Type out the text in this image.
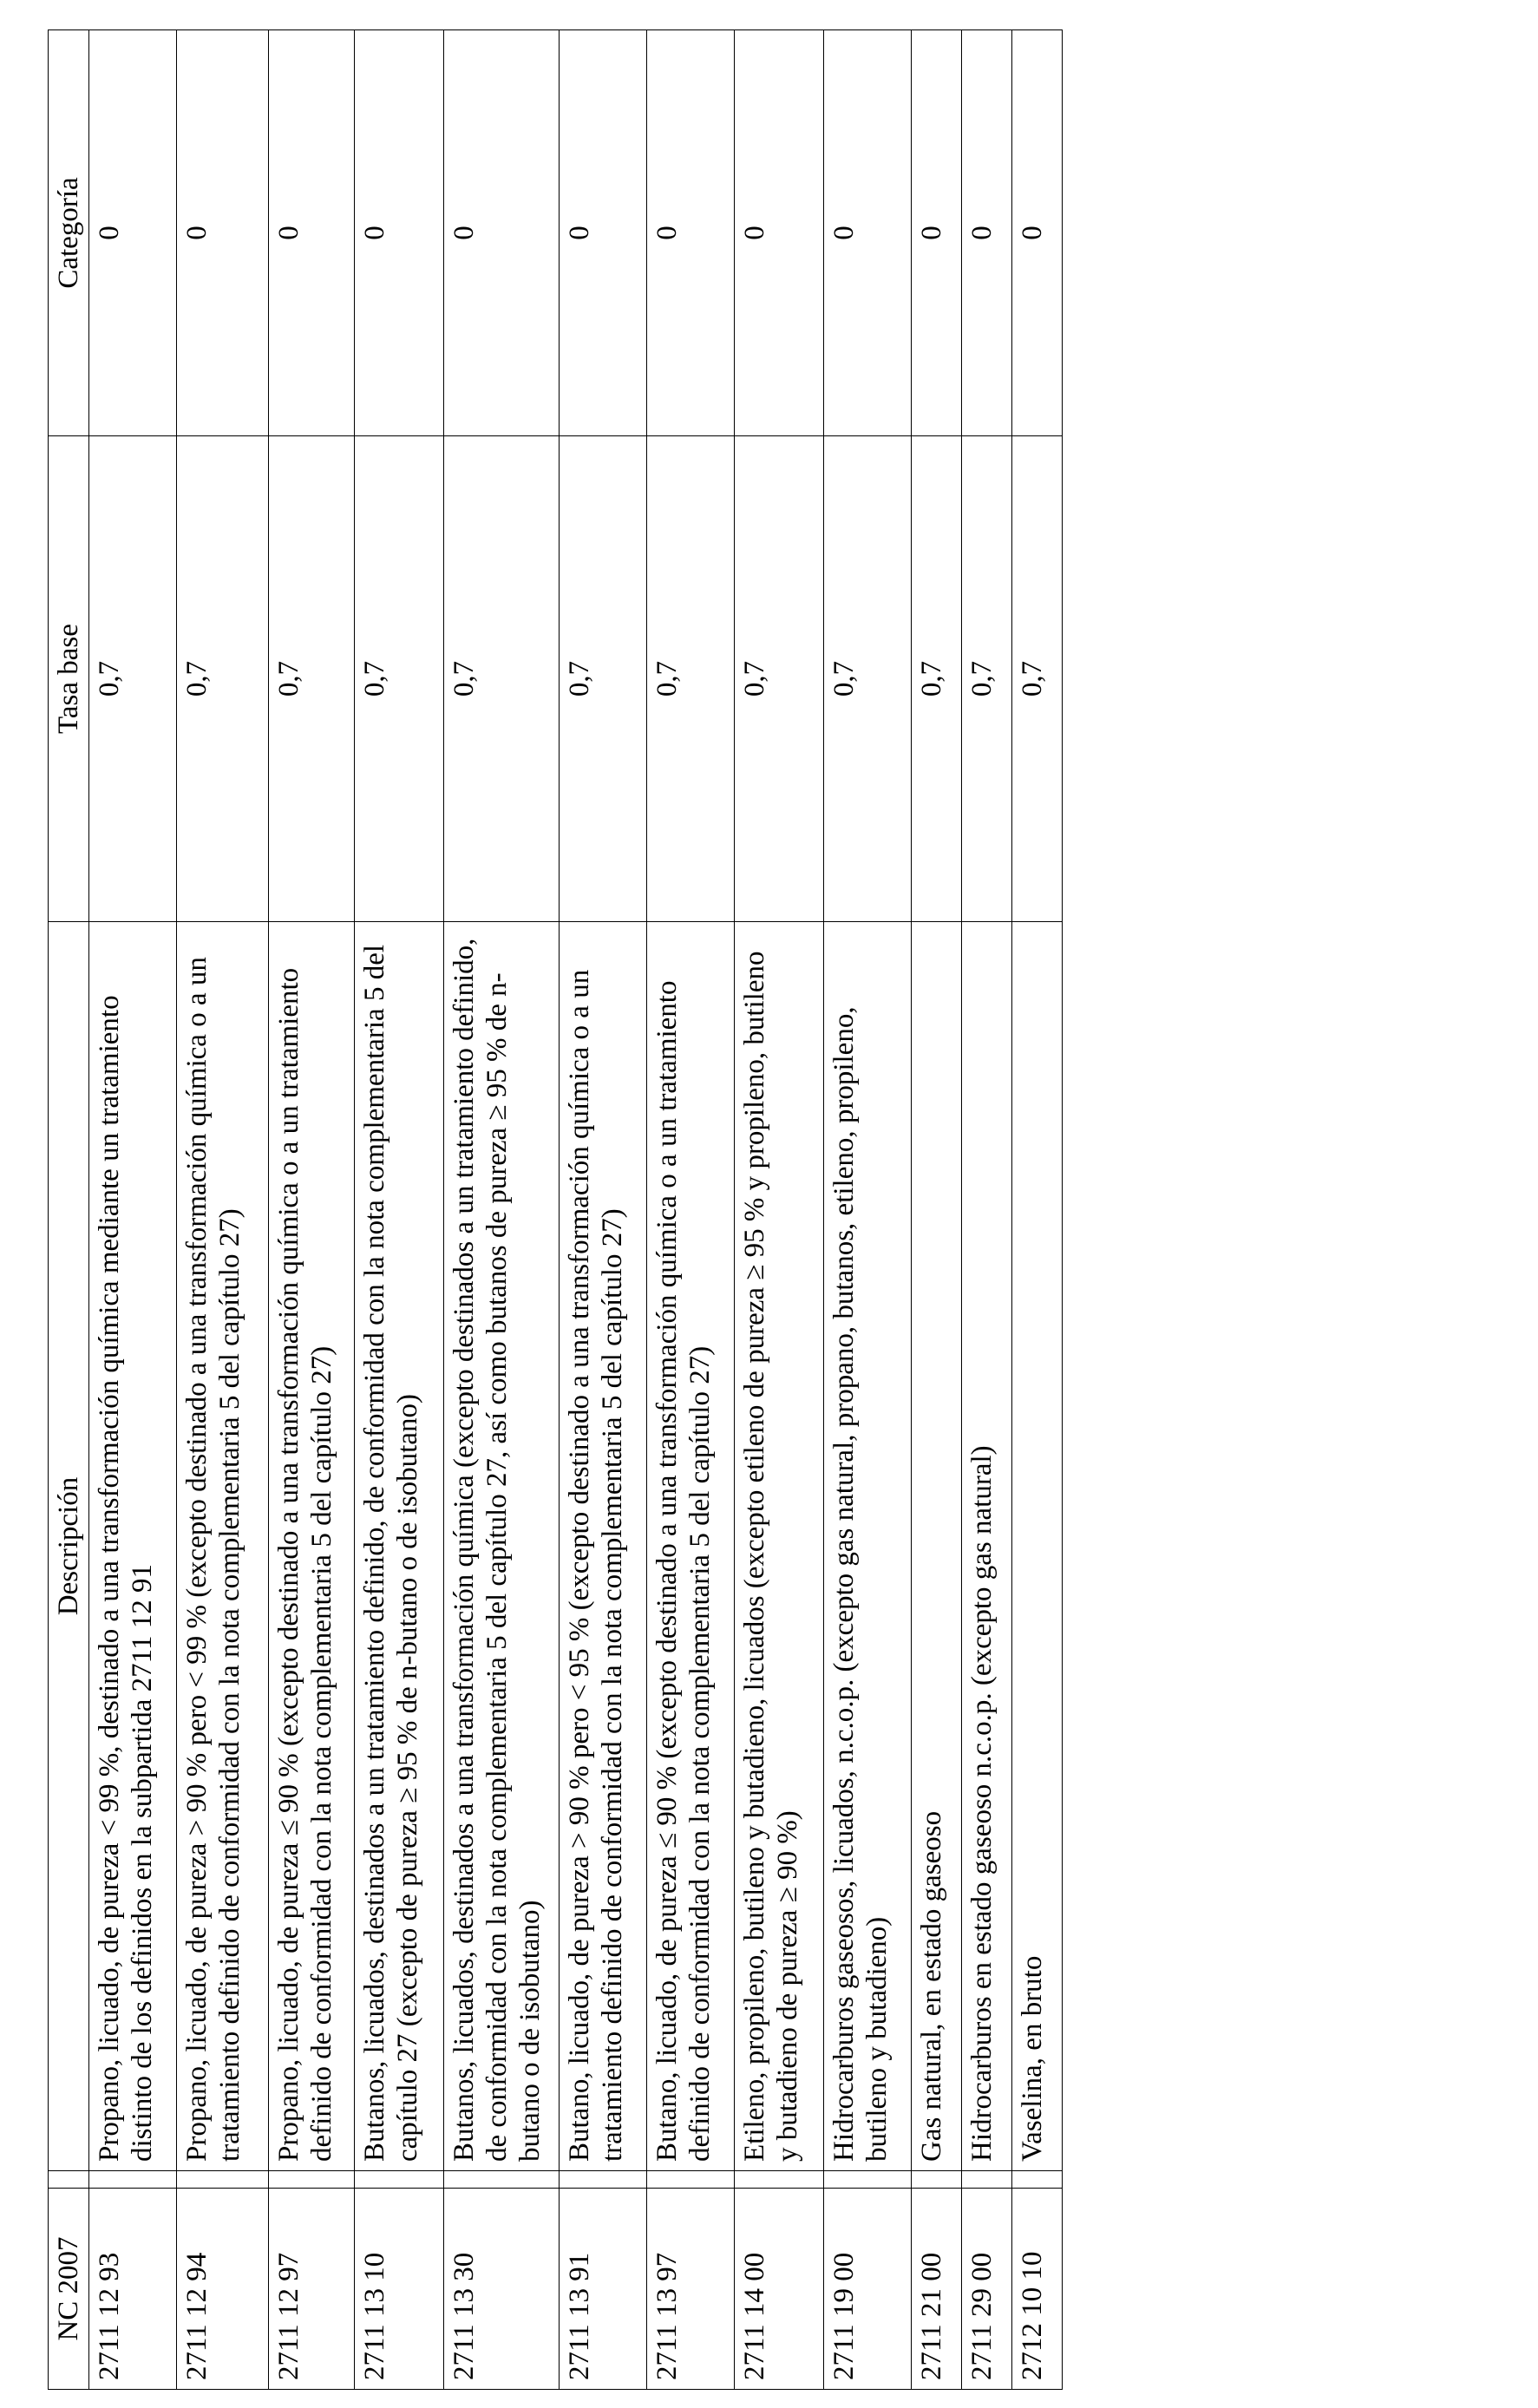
NC 2007		Descripción	Tasa base	Categoría
2711 12 93		Propano, licuado, de pureza < 99 %, destinado a una transformación química mediante un tratamiento distinto de los definidos en la subpartida 2711 12 91	0,7	0
2711 12 94		Propano, licuado, de pureza > 90 % pero < 99 % (excepto destinado a una transformación química o a un tratamiento definido de conformidad con la nota complementaria 5 del capítulo 27)	0,7	0
2711 12 97		Propano, licuado, de pureza ≤ 90 % (excepto destinado a una transformación química o a un tratamiento definido de conformidad con la nota complementaria 5 del capítulo 27)	0,7	0
2711 13 10		Butanos, licuados, destinados a un tratamiento definido, de conformidad con la nota complementaria 5 del capítulo 27 (excepto de pureza ≥ 95 % de n-butano o de isobutano)	0,7	0
2711 13 30		Butanos, licuados, destinados a una transformación química (excepto destinados a un tratamiento definido, de conformidad con la nota complementaria 5 del capítulo 27, así como butanos de pureza ≥ 95 % de n-butano o de isobutano)	0,7	0
2711 13 91		Butano, licuado, de pureza > 90 % pero < 95 % (excepto destinado a una transformación química o a un tratamiento definido de conformidad con la nota complementaria 5 del capítulo 27)	0,7	0
2711 13 97		Butano, licuado, de pureza ≤ 90 % (excepto destinado a una transformación química o a un tratamiento definido de conformidad con la nota complementaria 5 del capítulo 27)	0,7	0
2711 14 00		Etileno, propileno, butileno y butadieno, licuados (excepto etileno de pureza ≥ 95 % y propileno, butileno y butadieno de pureza ≥ 90 %)	0,7	0
2711 19 00		Hidrocarburos gaseosos, licuados, n.c.o.p. (excepto gas natural, propano, butanos, etileno, propileno, butileno y butadieno)	0,7	0
2711 21 00		Gas natural, en estado gaseoso	0,7	0
2711 29 00		Hidrocarburos en estado gaseoso n.c.o.p. (excepto gas natural)	0,7	0
2712 10 10		Vaselina, en bruto	0,7	0
